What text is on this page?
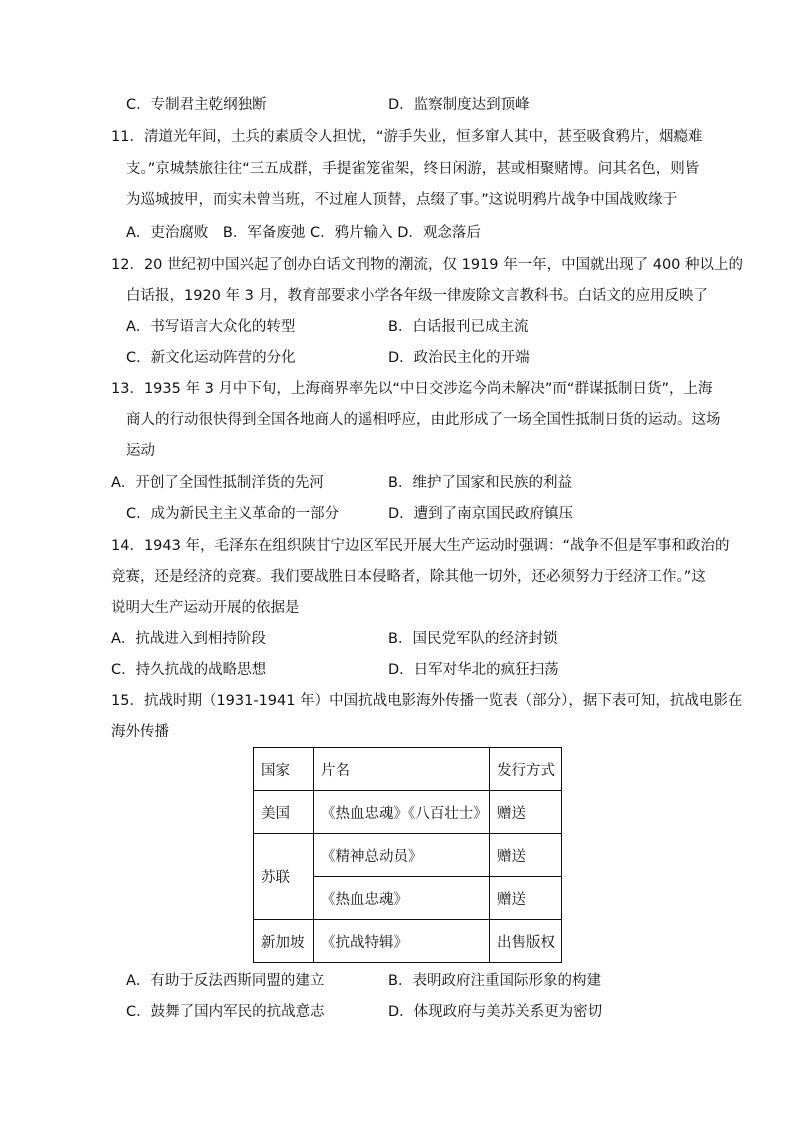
C．专制君主乾纲独断	D．监察制度达到顶峰
11．清道光年间，土兵的素质令人担忧，“游手失业，恒多窜人其中，甚至吸食鸦片，烟瘾难
支。”京城禁旅往往“三五成群，手提雀笼雀架，终日闲游，甚或相聚赌博。问其名色，则皆
为巡城披甲，而实未曾当班，不过雇人顶替，点缀了事。”这说明鸦片战争中国战败缘于
A．吏治腐败　B．军备废弛 C．鸦片输入 D．观念落后
12．20 世纪初中国兴起了创办白话文刊物的潮流，仅 1919 年一年，中国就出现了 400 种以上的
白话报，1920 年 3 月，教育部要求小学各年级一律废除文言教科书。白话文的应用反映了
A．书写语言大众化的转型	B．白话报刊已成主流
C．新文化运动阵营的分化	D．政治民主化的开端
13．1935 年 3 月中下旬，上海商界率先以“中日交涉迄今尚未解决”而“群谋抵制日货”，上海
商人的行动很快得到全国各地商人的遥相呼应，由此形成了一场全国性抵制日货的运动。这场
运动
A．开创了全国性抵制洋货的先河	B．维护了国家和民族的利益
C．成为新民主主义革命的一部分	D．遭到了南京国民政府镇压
14．1943 年，毛泽东在组织陕甘宁边区军民开展大生产运动时强调：“战争不但是军事和政治的
竞赛，还是经济的竞赛。我们要战胜日本侵略者，除其他一切外，还必须努力于经济工作。”这
说明大生产运动开展的依据是
A．抗战进入到相持阶段	B．国民党军队的经济封锁
C．持久抗战的战略思想	D．日军对华北的疯狂扫荡
15．抗战时期（1931-1941 年）中国抗战电影海外传播一览表（部分），据下表可知，抗战电影在
海外传播
国家	片名	发行方式
美国	《热血忠魂》《八百壮士》	赠送
苏联	《精神总动员》	赠送
	《热血忠魂》	赠送
新加坡	《抗战特辑》	出售版权
A．有助于反法西斯同盟的建立	B．表明政府注重国际形象的构建
C．鼓舞了国内军民的抗战意志	D．体现政府与美苏关系更为密切
